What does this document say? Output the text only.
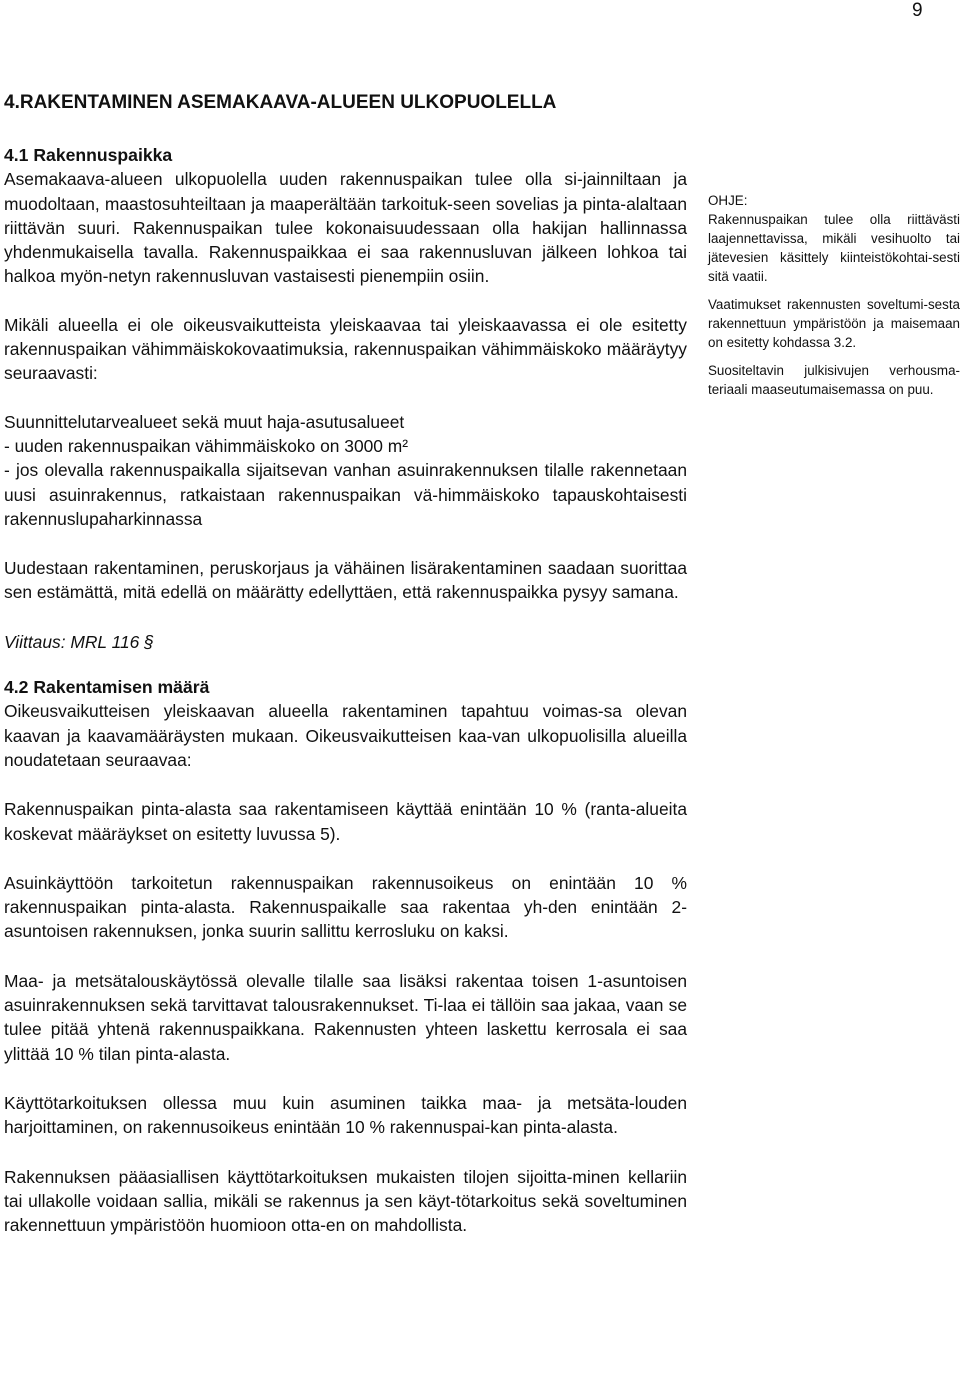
9
4.RAKENTAMINEN ASEMAKAAVA-ALUEEN ULKOPUOLELLA
4.1 Rakennuspaikka

Asemakaava-alueen ulkopuolella uuden rakennuspaikan tulee olla si-jainniltaan ja muodoltaan, maastosuhteiltaan ja maaperältään tarkoituk-seen sovelias ja pinta-alaltaan riittävän suuri. Rakennuspaikan tulee kokonaisuudessaan olla hakijan hallinnassa yhdenmukaisella tavalla. Rakennuspaikkaa ei saa rakennusluvan jälkeen lohkoa tai halkoa myön-netyn rakennusluvan vastaisesti pienempiin osiin.

Mikäli alueella ei ole oikeusvaikutteista yleiskaavaa tai yleiskaavassa ei ole esitetty rakennuspaikan vähimmäiskokovaatimuksia, rakennuspaikan vähimmäiskoko määräytyy seuraavasti:

Suunnittelutarvealueet sekä muut haja-asutusalueet

- uuden rakennuspaikan vähimmäiskoko on 3000 m²

- jos olevalla rakennuspaikalla sijaitsevan vanhan asuinrakennuksen tilalle rakennetaan uusi asuinrakennus, ratkaistaan rakennuspaikan vä-himmäiskoko tapauskohtaisesti rakennuslupaharkinnassa

Uudestaan rakentaminen, peruskorjaus ja vähäinen lisärakentaminen saadaan suorittaa sen estämättä, mitä edellä on määrätty edellyttäen, että rakennuspaikka pysyy samana.

Viittaus: MRL 116 §

4.2 Rakentamisen määrä

Oikeusvaikutteisen yleiskaavan alueella rakentaminen tapahtuu voimas-sa olevan kaavan ja kaavamääräysten mukaan. Oikeusvaikutteisen kaa-van ulkopuolisilla alueilla noudatetaan seuraavaa:

Rakennuspaikan pinta-alasta saa rakentamiseen käyttää enintään 10 % (ranta-alueita koskevat määräykset on esitetty luvussa 5).

Asuinkäyttöön tarkoitetun rakennuspaikan rakennusoikeus on enintään 10 % rakennuspaikan pinta-alasta. Rakennuspaikalle saa rakentaa yh-den enintään 2-asuntoisen rakennuksen, jonka suurin sallittu kerrosluku on kaksi.

Maa- ja metsätalouskäytössä olevalle tilalle saa lisäksi rakentaa toisen 1-asuntoisen asuinrakennuksen sekä tarvittavat talousrakennukset. Ti-laa ei tällöin saa jakaa, vaan se tulee pitää yhtenä rakennuspaikkana. Rakennusten yhteen laskettu kerrosala ei saa ylittää 10 % tilan pinta-alasta.

Käyttötarkoituksen ollessa muu kuin asuminen taikka maa- ja metsäta-louden harjoittaminen, on rakennusoikeus enintään 10 % rakennuspai-kan pinta-alasta.

Rakennuksen pääasiallisen käyttötarkoituksen mukaisten tilojen sijoitta-minen kellariin tai ullakolle voidaan sallia, mikäli se rakennus ja sen käyt-tötarkoitus sekä soveltuminen rakennettuun ympäristöön huomioon otta-en on mahdollista.

OHJE:

Rakennuspaikan tulee olla riittävästi laajennettavissa, mikäli vesihuolto tai jätevesien käsittely kiinteistökohtai-sesti sitä vaatii.

Vaatimukset rakennusten soveltumi-sesta rakennettuun ympäristöön ja maisemaan on esitetty kohdassa 3.2.

Suositeltavin julkisivujen verhousma-teriaali maaseutumaisemassa on puu.
